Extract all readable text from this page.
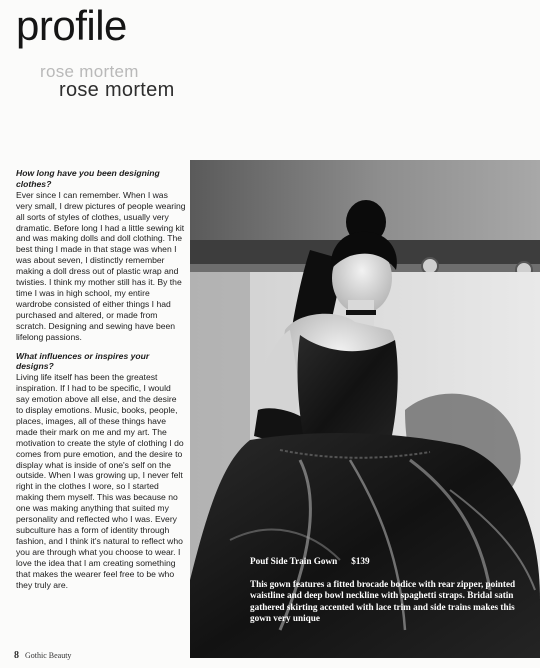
profile
rose mortem
rose mortem

How long have you been designing clothes?

Ever since I can remember. When I was very small, I drew pictures of people wearing all sorts of styles of clothes, usually very dramatic. Before long I had a little sewing kit and was making dolls and doll clothing. The best thing I made in that stage was when I was about seven, I distinctly remember making a doll dress out of plastic wrap and twisties. I think my mother still has it. By the time I was in high school, my entire wardrobe consisted of either things I had purchased and altered, or made from scratch. Designing and sewing have been lifelong passions.

What influences or inspires your designs?

Living life itself has been the greatest inspiration. If I had to be specific, I would say emotion above all else, and the desire to display emotions. Music, books, people, places, images, all of these things have made their mark on me and my art. The motivation to create the style of clothing I do comes from pure emotion, and the desire to display what is inside of one's self on the outside. When I was growing up, I never felt right in the clothes I wore, so I started making them myself. This was because no one was making anything that suited my personality and reflected who I was. Every subculture has a form of identity through fashion, and I think it's natural to reflect who you are through what you choose to wear. I love the idea that I am creating something that makes the wearer feel free to be who they truly are.

Pouf Side Train Gown $139

This gown features a fitted brocade bodice with rear zipper, pointed waistline and deep bowl neckline with spaghetti straps. Bridal satin gathered skirting accented with lace trim and side trains makes this gown very unique

8 Gothic Beauty
